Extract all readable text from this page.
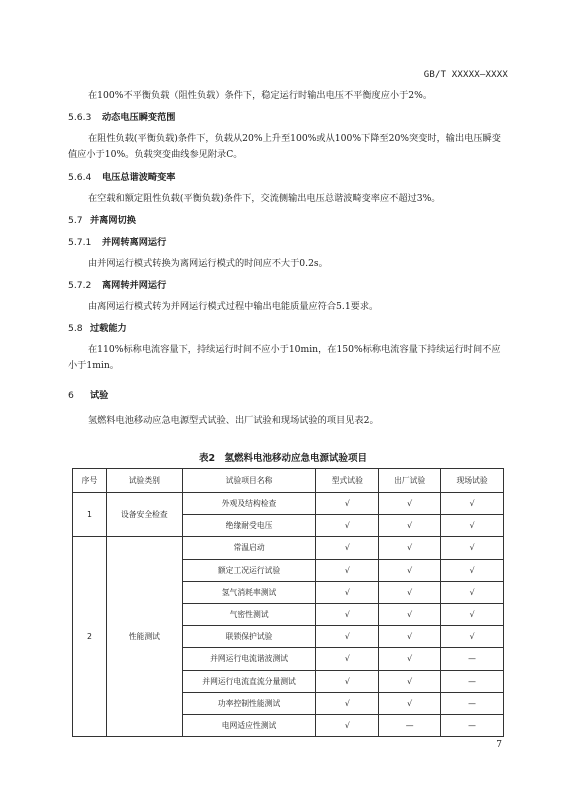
GB/T XXXXX—XXXX
在100%不平衡负载（阻性负载）条件下，稳定运行时输出电压不平衡度应小于2%。
5.6.3 动态电压瞬变范围
在阻性负载(平衡负载)条件下，负载从20%上升至100%或从100%下降至20%突变时，输出电压瞬变值应小于10%。负载突变曲线参见附录C。
5.6.4 电压总谐波畸变率
在空载和额定阻性负载(平衡负载)条件下，交流侧输出电压总谐波畸变率应不超过3%。
5.7 并离网切换
5.7.1 并网转离网运行
由并网运行模式转换为离网运行模式的时间应不大于0.2s。
5.7.2 离网转并网运行
由离网运行模式转为并网运行模式过程中输出电能质量应符合5.1要求。
5.8 过载能力
在110%标称电流容量下，持续运行时间不应小于10min，在150%标称电流容量下持续运行时间不应小于1min。
6 试验
氢燃料电池移动应急电源型式试验、出厂试验和现场试验的项目见表2。
表2　氢燃料电池移动应急电源试验项目
序号	试验类别	试验项目名称	型式试验	出厂试验	现场试验
1	设备安全检查	外观及结构检查	√	√	√
		绝缘耐受电压	√	√	√
2	性能测试	常温启动	√	√	√
		额定工况运行试验	√	√	√
		氢气消耗率测试	√	√	√
		气密性测试	√	√	√
		联锁保护试验	√	√	√
		并网运行电流谐波测试	√	√	—
		并网运行电流直流分量测试	√	√	—
		功率控制性能测试	√	√	—
		电网适应性测试	√	—	—
7
